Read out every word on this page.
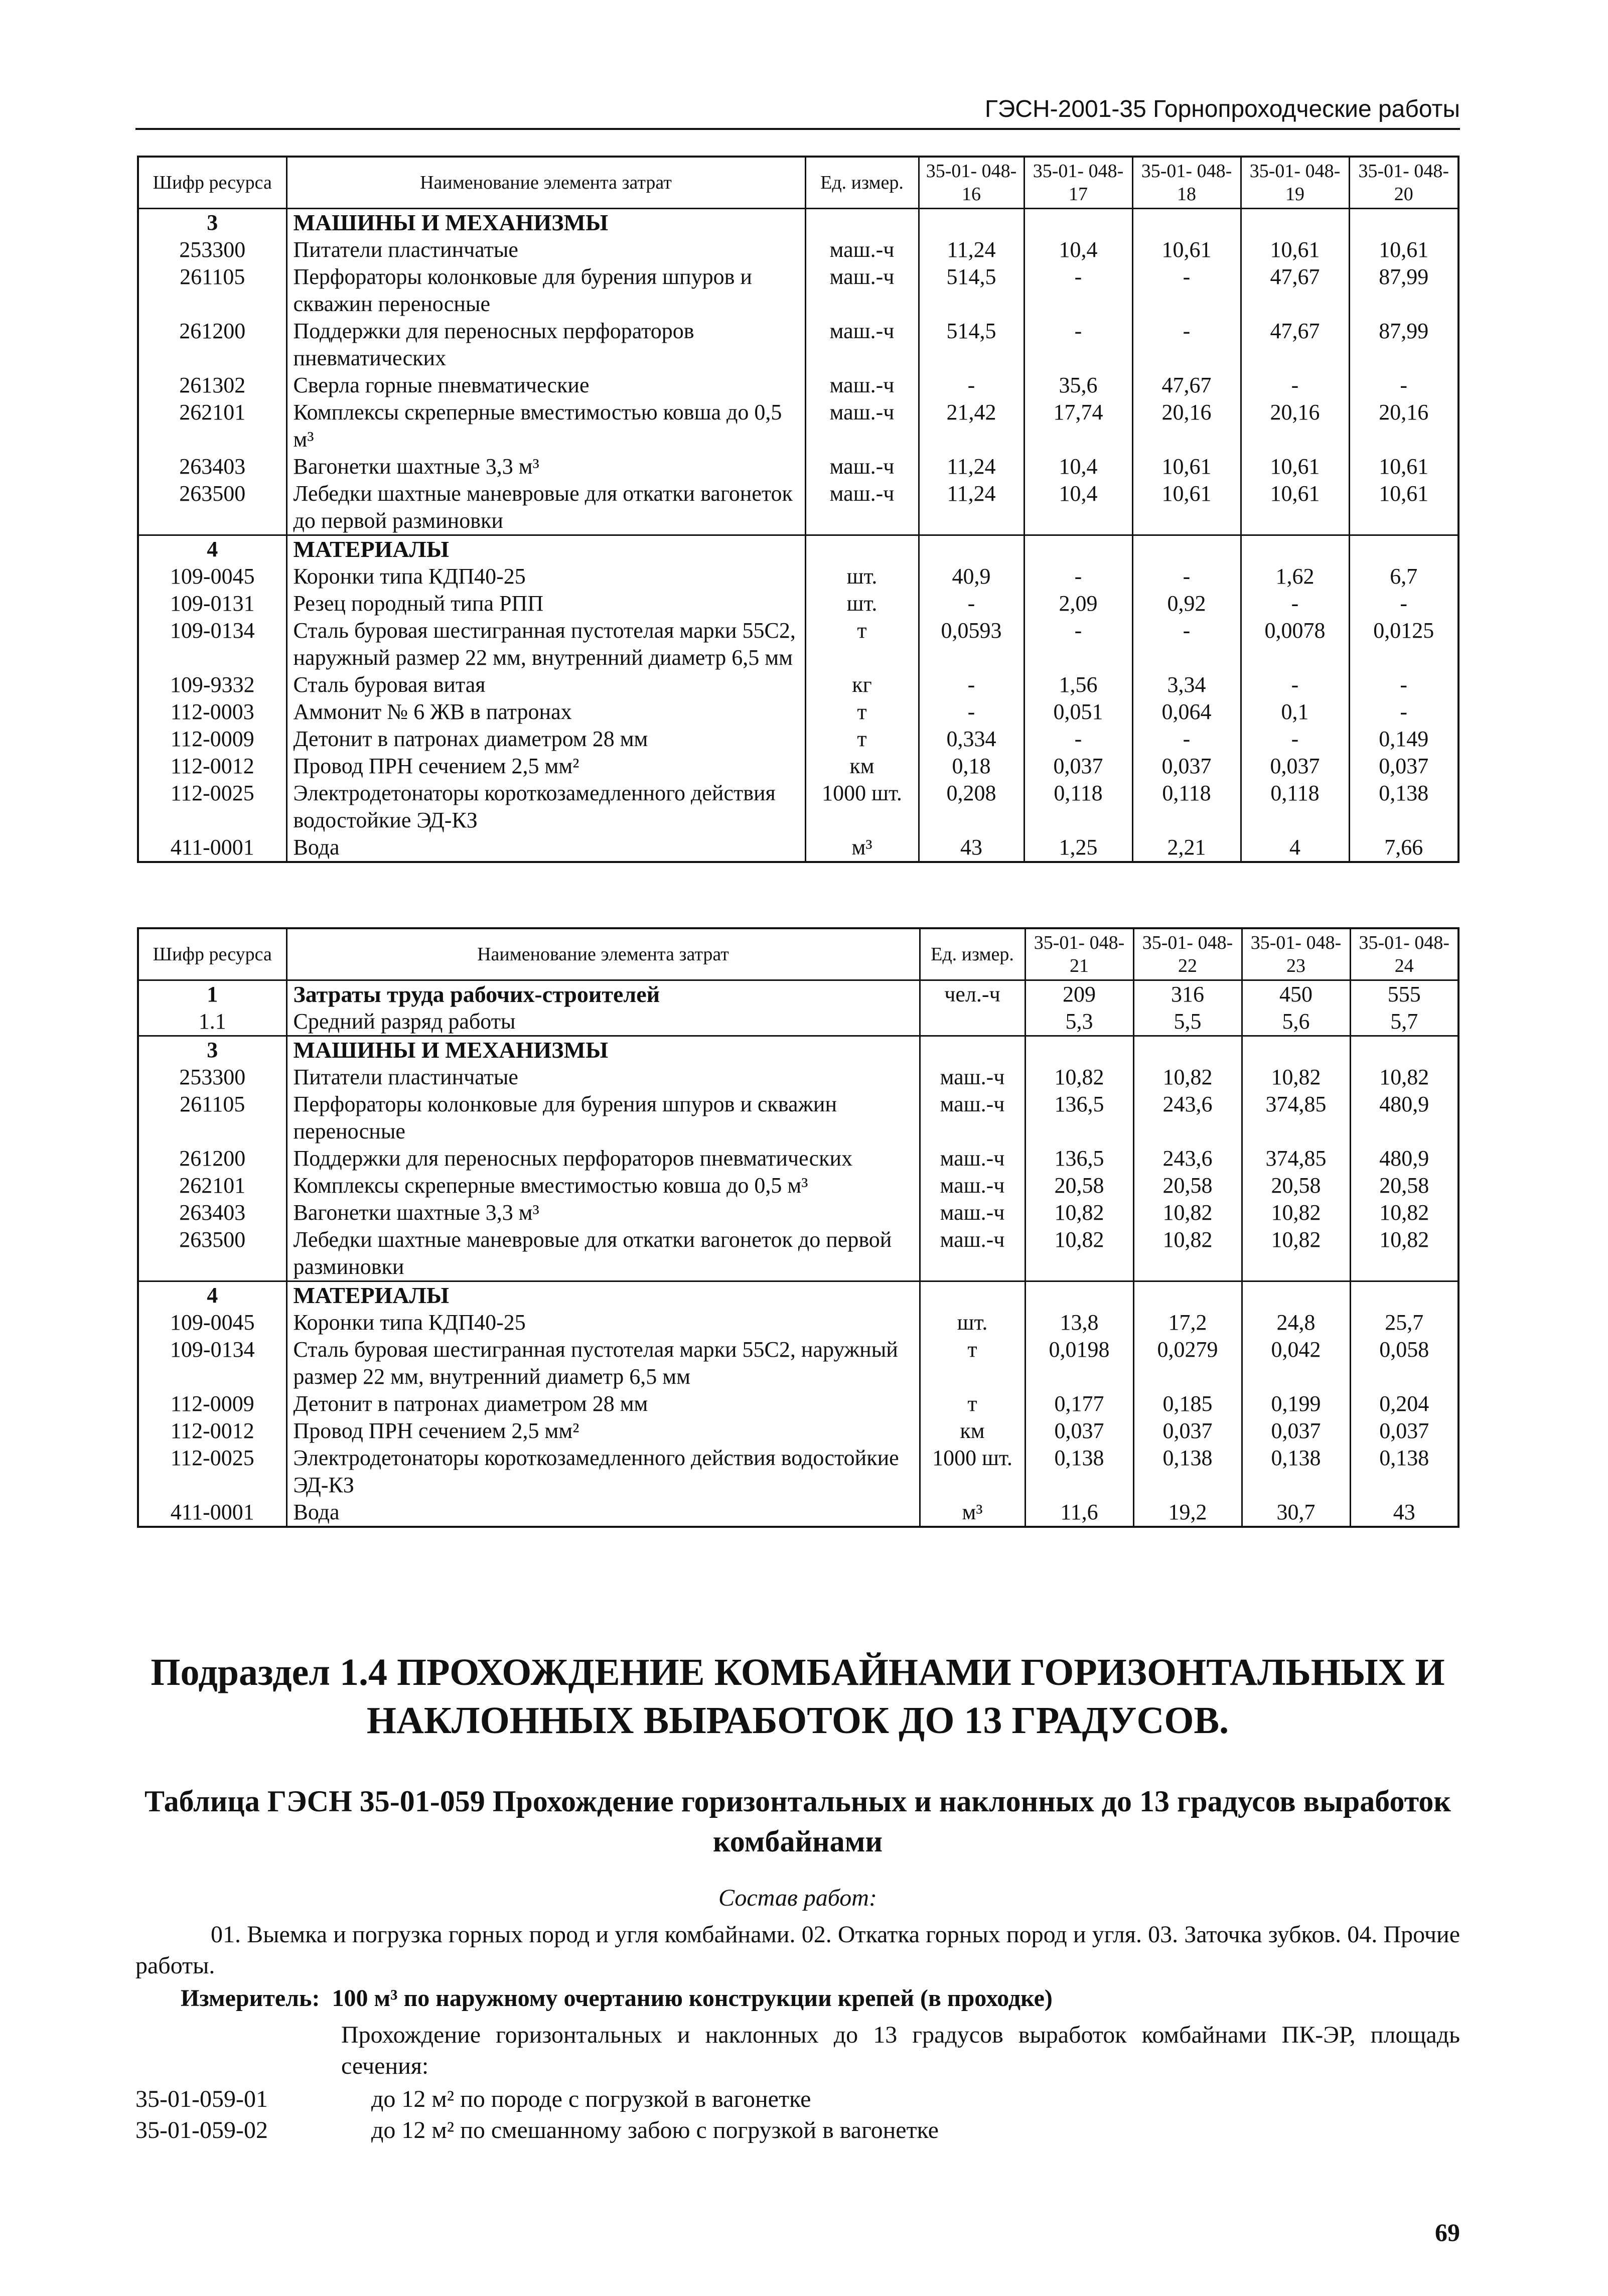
ГЭСН-2001-35 Горнопроходческие работы
Шифр ресурса	Наименование элемента затрат	Ед. измер.	35-01- 048-16	35-01- 048-17	35-01- 048-18	35-01- 048-19	35-01- 048-20
3	МАШИНЫ И МЕХАНИЗМЫ						
253300	Питатели пластинчатые	маш.-ч	11,24	10,4	10,61	10,61	10,61
261105	Перфораторы колонковые для бурения шпуров и скважин переносные	маш.-ч	514,5	-	-	47,67	87,99
261200	Поддержки для переносных перфораторов пневматических	маш.-ч	514,5	-	-	47,67	87,99
261302	Сверла горные пневматические	маш.-ч	-	35,6	47,67	-	-
262101	Комплексы скреперные вместимостью ковша до 0,5 м³	маш.-ч	21,42	17,74	20,16	20,16	20,16
263403	Вагонетки шахтные 3,3 м³	маш.-ч	11,24	10,4	10,61	10,61	10,61
263500	Лебедки шахтные маневровые для откатки вагонеток до первой разминовки	маш.-ч	11,24	10,4	10,61	10,61	10,61
4	МАТЕРИАЛЫ						
109-0045	Коронки типа КДП40-25	шт.	40,9	-	-	1,62	6,7
109-0131	Резец породный типа РПП	шт.	-	2,09	0,92	-	-
109-0134	Сталь буровая шестигранная пустотелая марки 55С2, наружный размер 22 мм, внутренний диаметр 6,5 мм	т	0,0593	-	-	0,0078	0,0125
109-9332	Сталь буровая витая	кг	-	1,56	3,34	-	-
112-0003	Аммонит № 6 ЖВ в патронах	т	-	0,051	0,064	0,1	-
112-0009	Детонит в патронах диаметром 28 мм	т	0,334	-	-	-	0,149
112-0012	Провод ПРН сечением 2,5 мм²	км	0,18	0,037	0,037	0,037	0,037
112-0025	Электродетонаторы короткозамедленного действия водостойкие ЭД-КЗ	1000 шт.	0,208	0,118	0,118	0,118	0,138
411-0001	Вода	м³	43	1,25	2,21	4	7,66
Шифр ресурса	Наименование элемента затрат	Ед. измер.	35-01- 048-21	35-01- 048-22	35-01- 048-23	35-01- 048-24
1	Затраты труда рабочих-строителей	чел.-ч	209	316	450	555
1.1	Средний разряд работы		5,3	5,5	5,6	5,7
3	МАШИНЫ И МЕХАНИЗМЫ					
253300	Питатели пластинчатые	маш.-ч	10,82	10,82	10,82	10,82
261105	Перфораторы колонковые для бурения шпуров и скважин переносные	маш.-ч	136,5	243,6	374,85	480,9
261200	Поддержки для переносных перфораторов пневматических	маш.-ч	136,5	243,6	374,85	480,9
262101	Комплексы скреперные вместимостью ковша до 0,5 м³	маш.-ч	20,58	20,58	20,58	20,58
263403	Вагонетки шахтные 3,3 м³	маш.-ч	10,82	10,82	10,82	10,82
263500	Лебедки шахтные маневровые для откатки вагонеток до первой разминовки	маш.-ч	10,82	10,82	10,82	10,82
4	МАТЕРИАЛЫ					
109-0045	Коронки типа КДП40-25	шт.	13,8	17,2	24,8	25,7
109-0134	Сталь буровая шестигранная пустотелая марки 55С2, наружный размер 22 мм, внутренний диаметр 6,5 мм	т	0,0198	0,0279	0,042	0,058
112-0009	Детонит в патронах диаметром 28 мм	т	0,177	0,185	0,199	0,204
112-0012	Провод ПРН сечением 2,5 мм²	км	0,037	0,037	0,037	0,037
112-0025	Электродетонаторы короткозамедленного действия водостойкие ЭД-КЗ	1000 шт.	0,138	0,138	0,138	0,138
411-0001	Вода	м³	11,6	19,2	30,7	43
Подраздел 1.4 ПРОХОЖДЕНИЕ КОМБАЙНАМИ ГОРИЗОНТАЛЬНЫХ И НАКЛОННЫХ ВЫРАБОТОК ДО 13 ГРАДУСОВ.
Таблица ГЭСН 35-01-059 Прохождение горизонтальных и наклонных до 13 градусов выработок комбайнами
Состав работ:
01. Выемка и погрузка горных пород и угля комбайнами. 02. Откатка горных пород и угля. 03. Заточка зубков. 04. Прочие работы.
Измеритель: 100 м³ по наружному очертанию конструкции крепей (в проходке)
Прохождение горизонтальных и наклонных до 13 градусов выработок комбайнами ПК-ЭР, площадь сечения:
35-01-059-01	до 12 м² по породе с погрузкой в вагонетке
35-01-059-02	до 12 м² по смешанному забою с погрузкой в вагонетке
69
